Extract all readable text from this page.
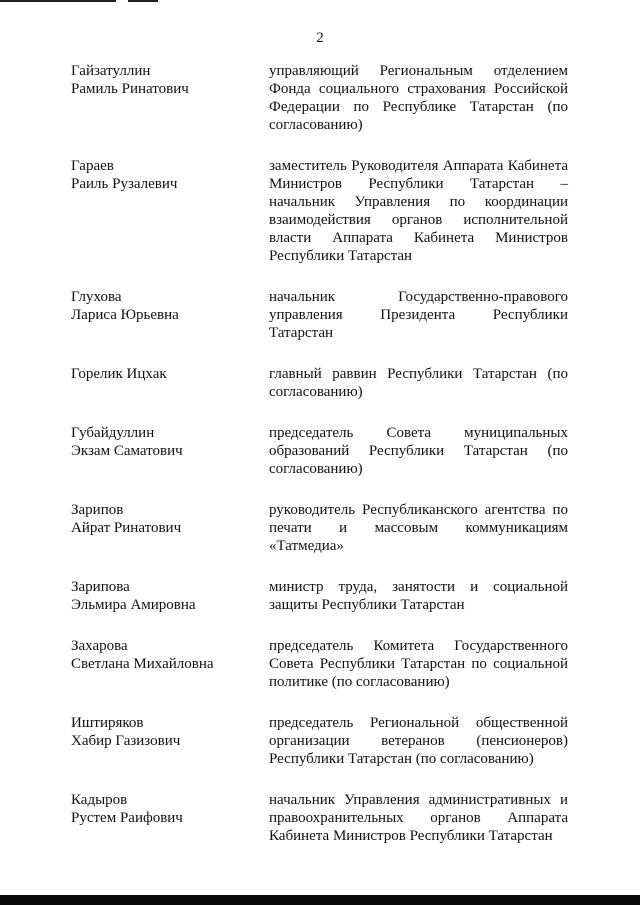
2
Гайзатуллин
Рамиль Ринатович
управляющий Региональным отделением Фонда социального страхования Российской Федерации по Республике Татарстан (по согласованию)
Гараев
Раиль Рузалевич
заместитель Руководителя Аппарата Кабинета Министров Республики Татарстан – начальник Управления по координации взаимодействия органов исполнительной власти Аппарата Кабинета Министров Республики Татарстан
Глухова
Лариса Юрьевна
начальник Государственно-правового управления Президента Республики Татарстан
Горелик Ицхак	главный раввин Республики Татарстан (по согласованию)
Губайдуллин
Экзам Саматович
председатель Совета муниципальных образований Республики Татарстан (по согласованию)
Зарипов
Айрат Ринатович
руководитель Республиканского агентства по печати и массовым коммуникациям «Татмедиа»
Зарипова
Эльмира Амировна
министр труда, занятости и социальной защиты Республики Татарстан
Захарова
Светлана Михайловна
председатель Комитета Государственного Совета Республики Татарстан по социальной политике (по согласованию)
Иштиряков
Хабир Газизович
председатель Региональной общественной организации ветеранов (пенсионеров) Республики Татарстан (по согласованию)
Кадыров
Рустем Раифович
начальник Управления административных и правоохранительных органов Аппарата Кабинета Министров Республики Татарстан
